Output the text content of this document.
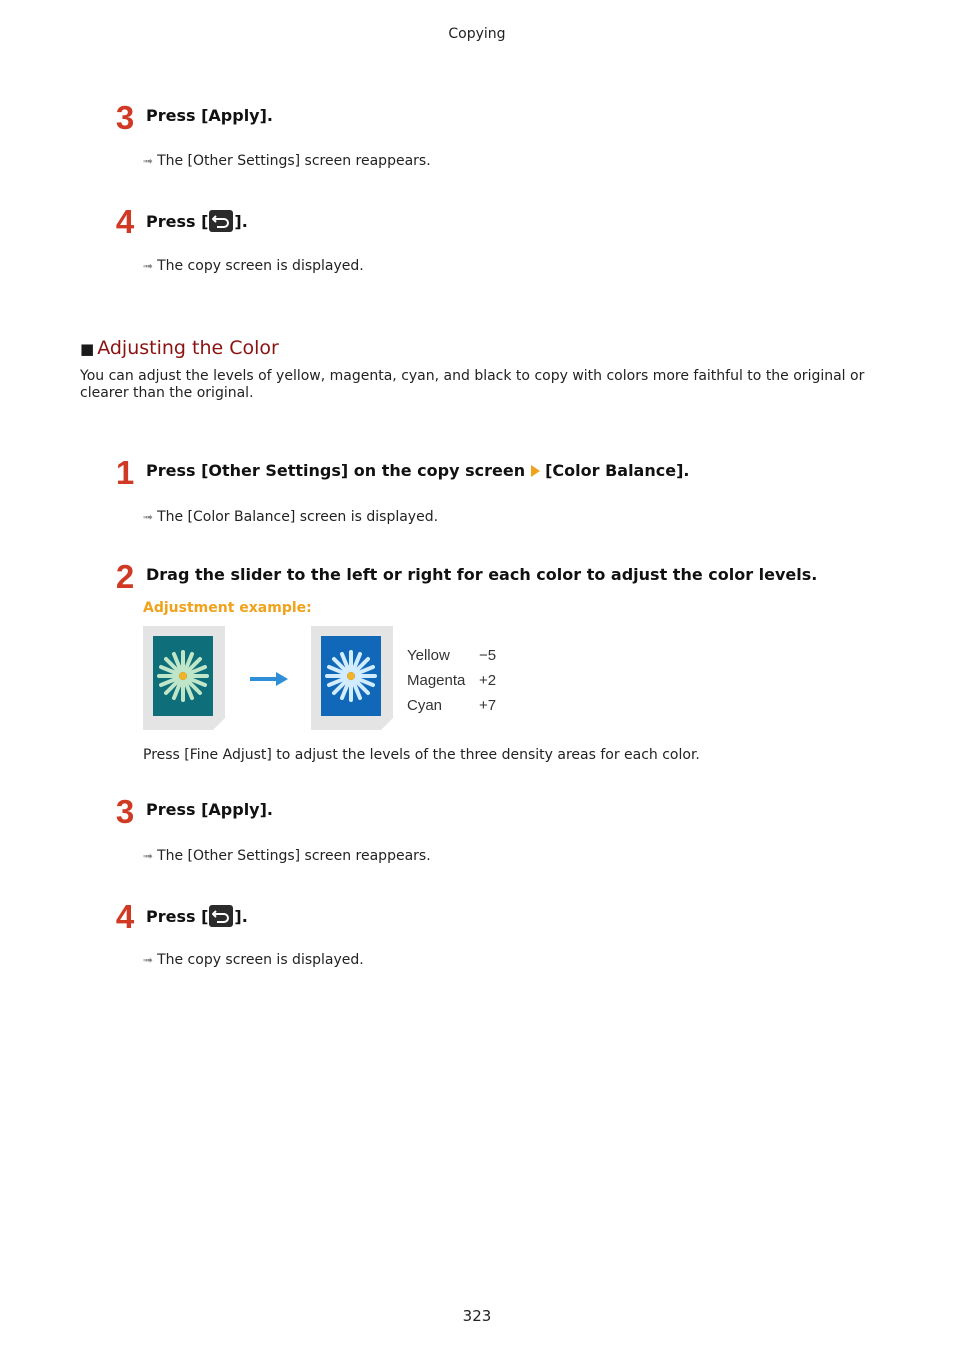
Copying
3 Press [Apply].
➟ The [Other Settings] screen reappears.
4 Press [ ].
➟ The copy screen is displayed.
■ Adjusting the Color
You can adjust the levels of yellow, magenta, cyan, and black to copy with colors more faithful to the original or clearer than the original.
1 Press [Other Settings] on the copy screen [Color Balance].
➟ The [Color Balance] screen is displayed.
2 Drag the slider to the left or right for each color to adjust the color levels.
Adjustment example:
Yellow −5
Magenta +2
Cyan +7
Press [Fine Adjust] to adjust the levels of the three density areas for each color.
3 Press [Apply].
➟ The [Other Settings] screen reappears.
4 Press [ ].
➟ The copy screen is displayed.
323
